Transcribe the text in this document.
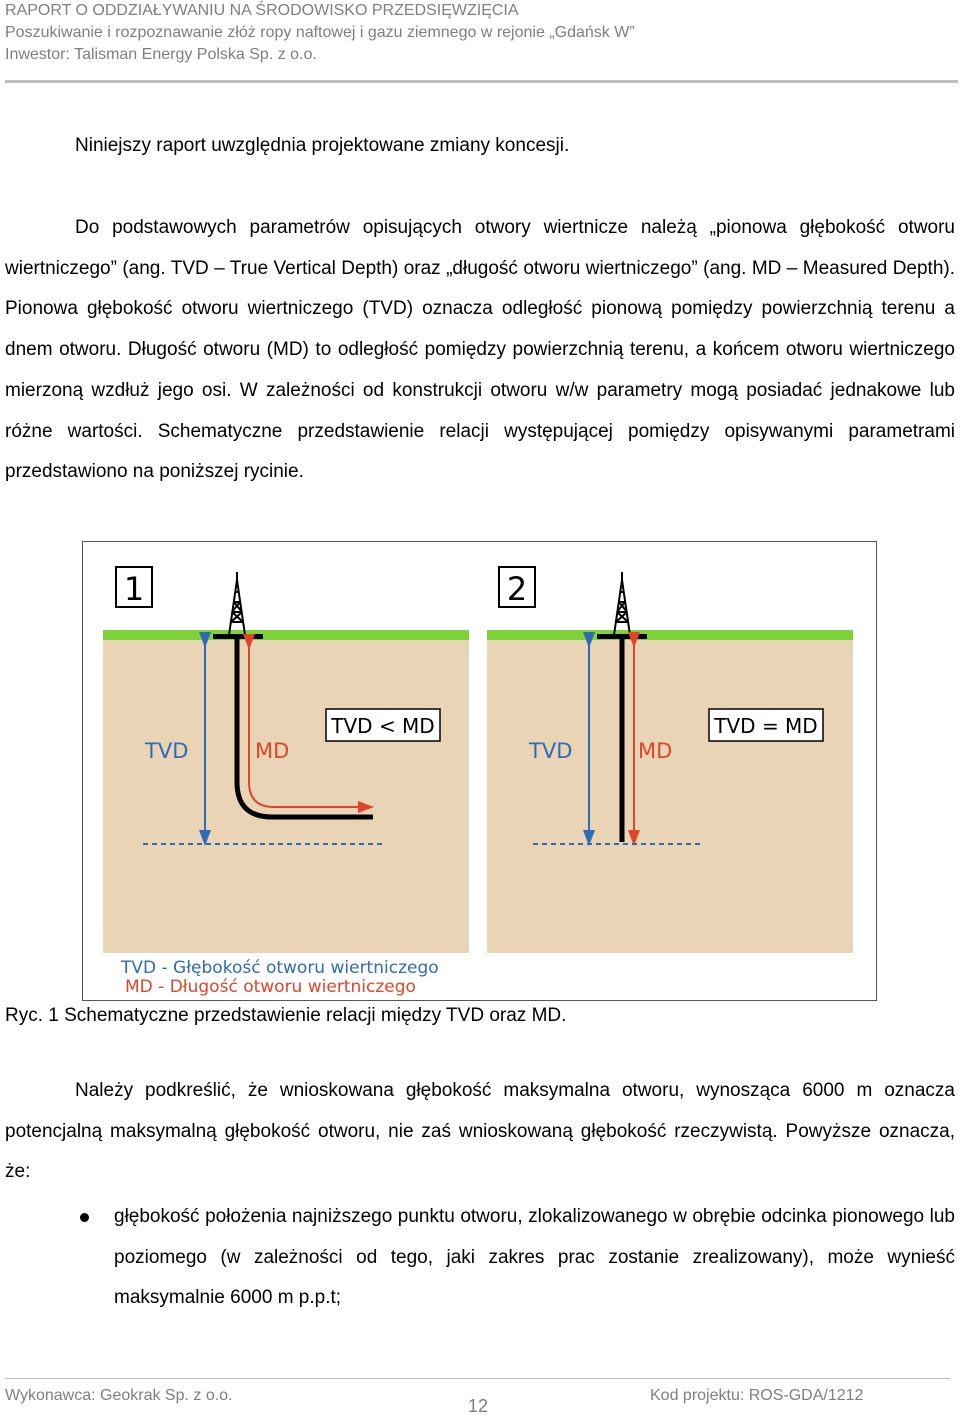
RAPORT O ODDZIAŁYWANIU NA ŚRODOWISKO PRZEDSIĘWZIĘCIA
Poszukiwanie i rozpoznawanie złóż ropy naftowej i gazu ziemnego w rejonie „Gdańsk W”
Inwestor: Talisman Energy Polska Sp. z o.o.
Niniejszy raport uwzględnia projektowane zmiany koncesji.
Do podstawowych parametrów opisujących otwory wiertnicze należą „pionowa głębokość otworu wiertniczego” (ang. TVD – True Vertical Depth) oraz „długość otworu wiertniczego” (ang. MD – Measured Depth). Pionowa głębokość otworu wiertniczego (TVD) oznacza odległość pionową pomiędzy powierzchnią terenu a dnem otworu. Długość otworu (MD) to odległość pomiędzy powierzchnią terenu, a końcem otworu wiertniczego mierzoną wzdłuż jego osi. W zależności od konstrukcji otworu w/w parametry mogą posiadać jednakowe lub różne wartości. Schematyczne przedstawienie relacji występującej pomiędzy opisywanymi parametrami przedstawiono na poniższej rycinie.
1
TVD < MD
TVD	MD
2
TVD = MD
TVD	MD
TVD - Głębokość otworu wiertniczego
MD - Długość otworu wiertniczego
Ryc. 1 Schematyczne przedstawienie relacji między TVD oraz MD.
Należy podkreślić, że wnioskowana głębokość maksymalna otworu, wynosząca 6000 m oznacza potencjalną maksymalną głębokość otworu, nie zaś wnioskowaną głębokość rzeczywistą. Powyższe oznacza, że:
głębokość położenia najniższego punktu otworu, zlokalizowanego w obrębie odcinka pionowego lub poziomego (w zależności od tego, jaki zakres prac zostanie zrealizowany), może wynieść maksymalnie 6000 m p.p.t;
Wykonawca: Geokrak Sp. z o.o.
12
Kod projektu: ROS-GDA/1212
